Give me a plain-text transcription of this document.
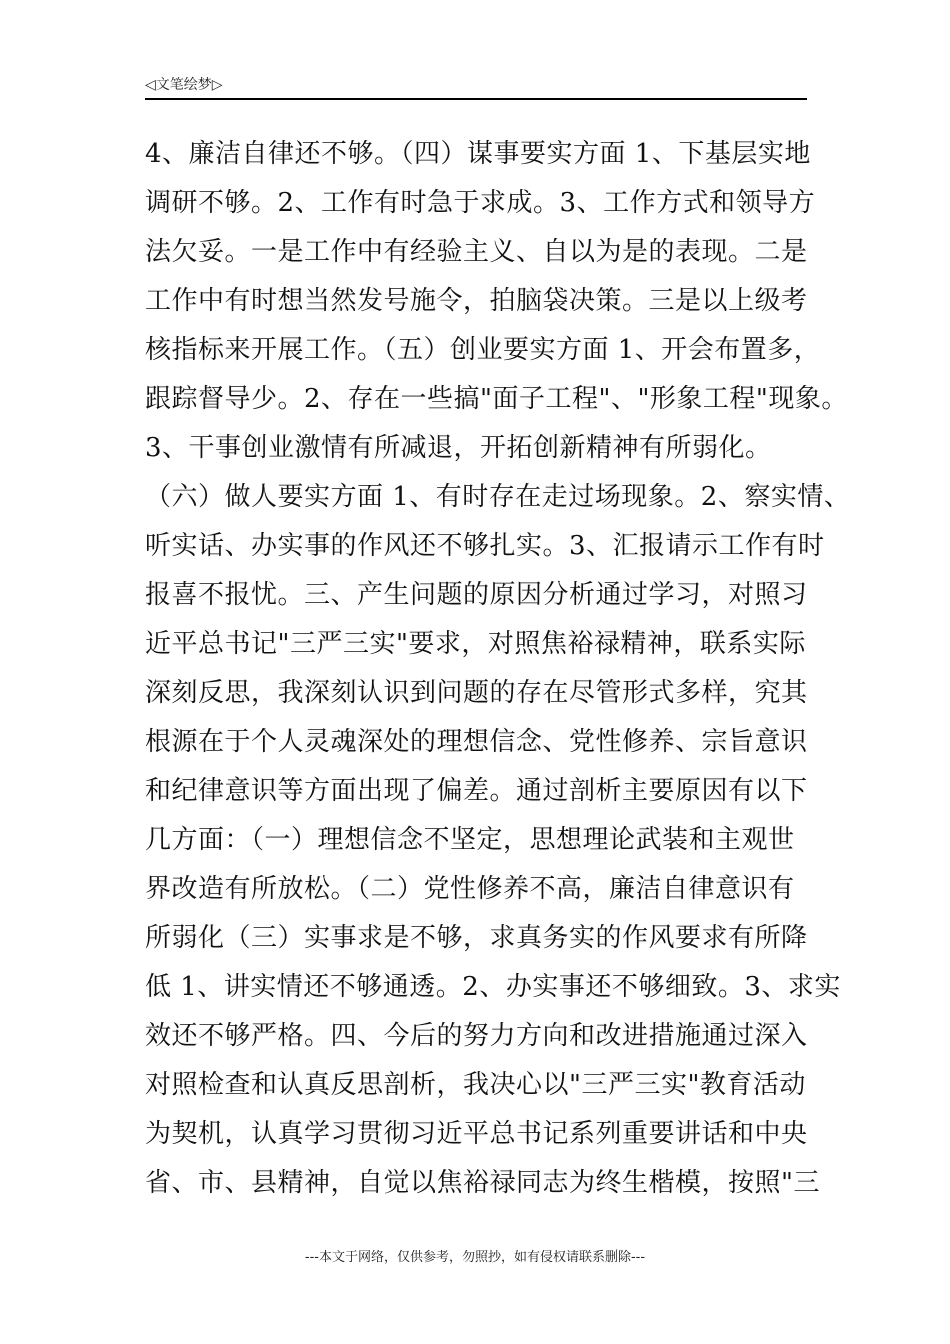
◁文笔绘梦▷
4、廉洁自律还不够。（四）谋事要实方面 1、下基层实地
调研不够。2、工作有时急于求成。3、工作方式和领导方
法欠妥。一是工作中有经验主义、自以为是的表现。二是
工作中有时想当然发号施令，拍脑袋决策。三是以上级考
核指标来开展工作。（五）创业要实方面 1、开会布置多，
跟踪督导少。2、存在一些搞"面子工程"、"形象工程"现象。
3、干事创业激情有所减退，开拓创新精神有所弱化。
（六）做人要实方面 1、有时存在走过场现象。2、察实情、
听实话、办实事的作风还不够扎实。3、汇报请示工作有时
报喜不报忧。三、产生问题的原因分析通过学习，对照习
近平总书记"三严三实"要求，对照焦裕禄精神，联系实际
深刻反思，我深刻认识到问题的存在尽管形式多样，究其
根源在于个人灵魂深处的理想信念、党性修养、宗旨意识
和纪律意识等方面出现了偏差。通过剖析主要原因有以下
几方面：（一）理想信念不坚定，思想理论武装和主观世
界改造有所放松。（二）党性修养不高，廉洁自律意识有
所弱化（三）实事求是不够，求真务实的作风要求有所降
低 1、讲实情还不够通透。2、办实事还不够细致。3、求实
效还不够严格。四、今后的努力方向和改进措施通过深入
对照检查和认真反思剖析，我决心以"三严三实"教育活动
为契机，认真学习贯彻习近平总书记系列重要讲话和中央
省、市、县精神，自觉以焦裕禄同志为终生楷模，按照"三
---本文于网络，仅供参考，勿照抄，如有侵权请联系删除---
